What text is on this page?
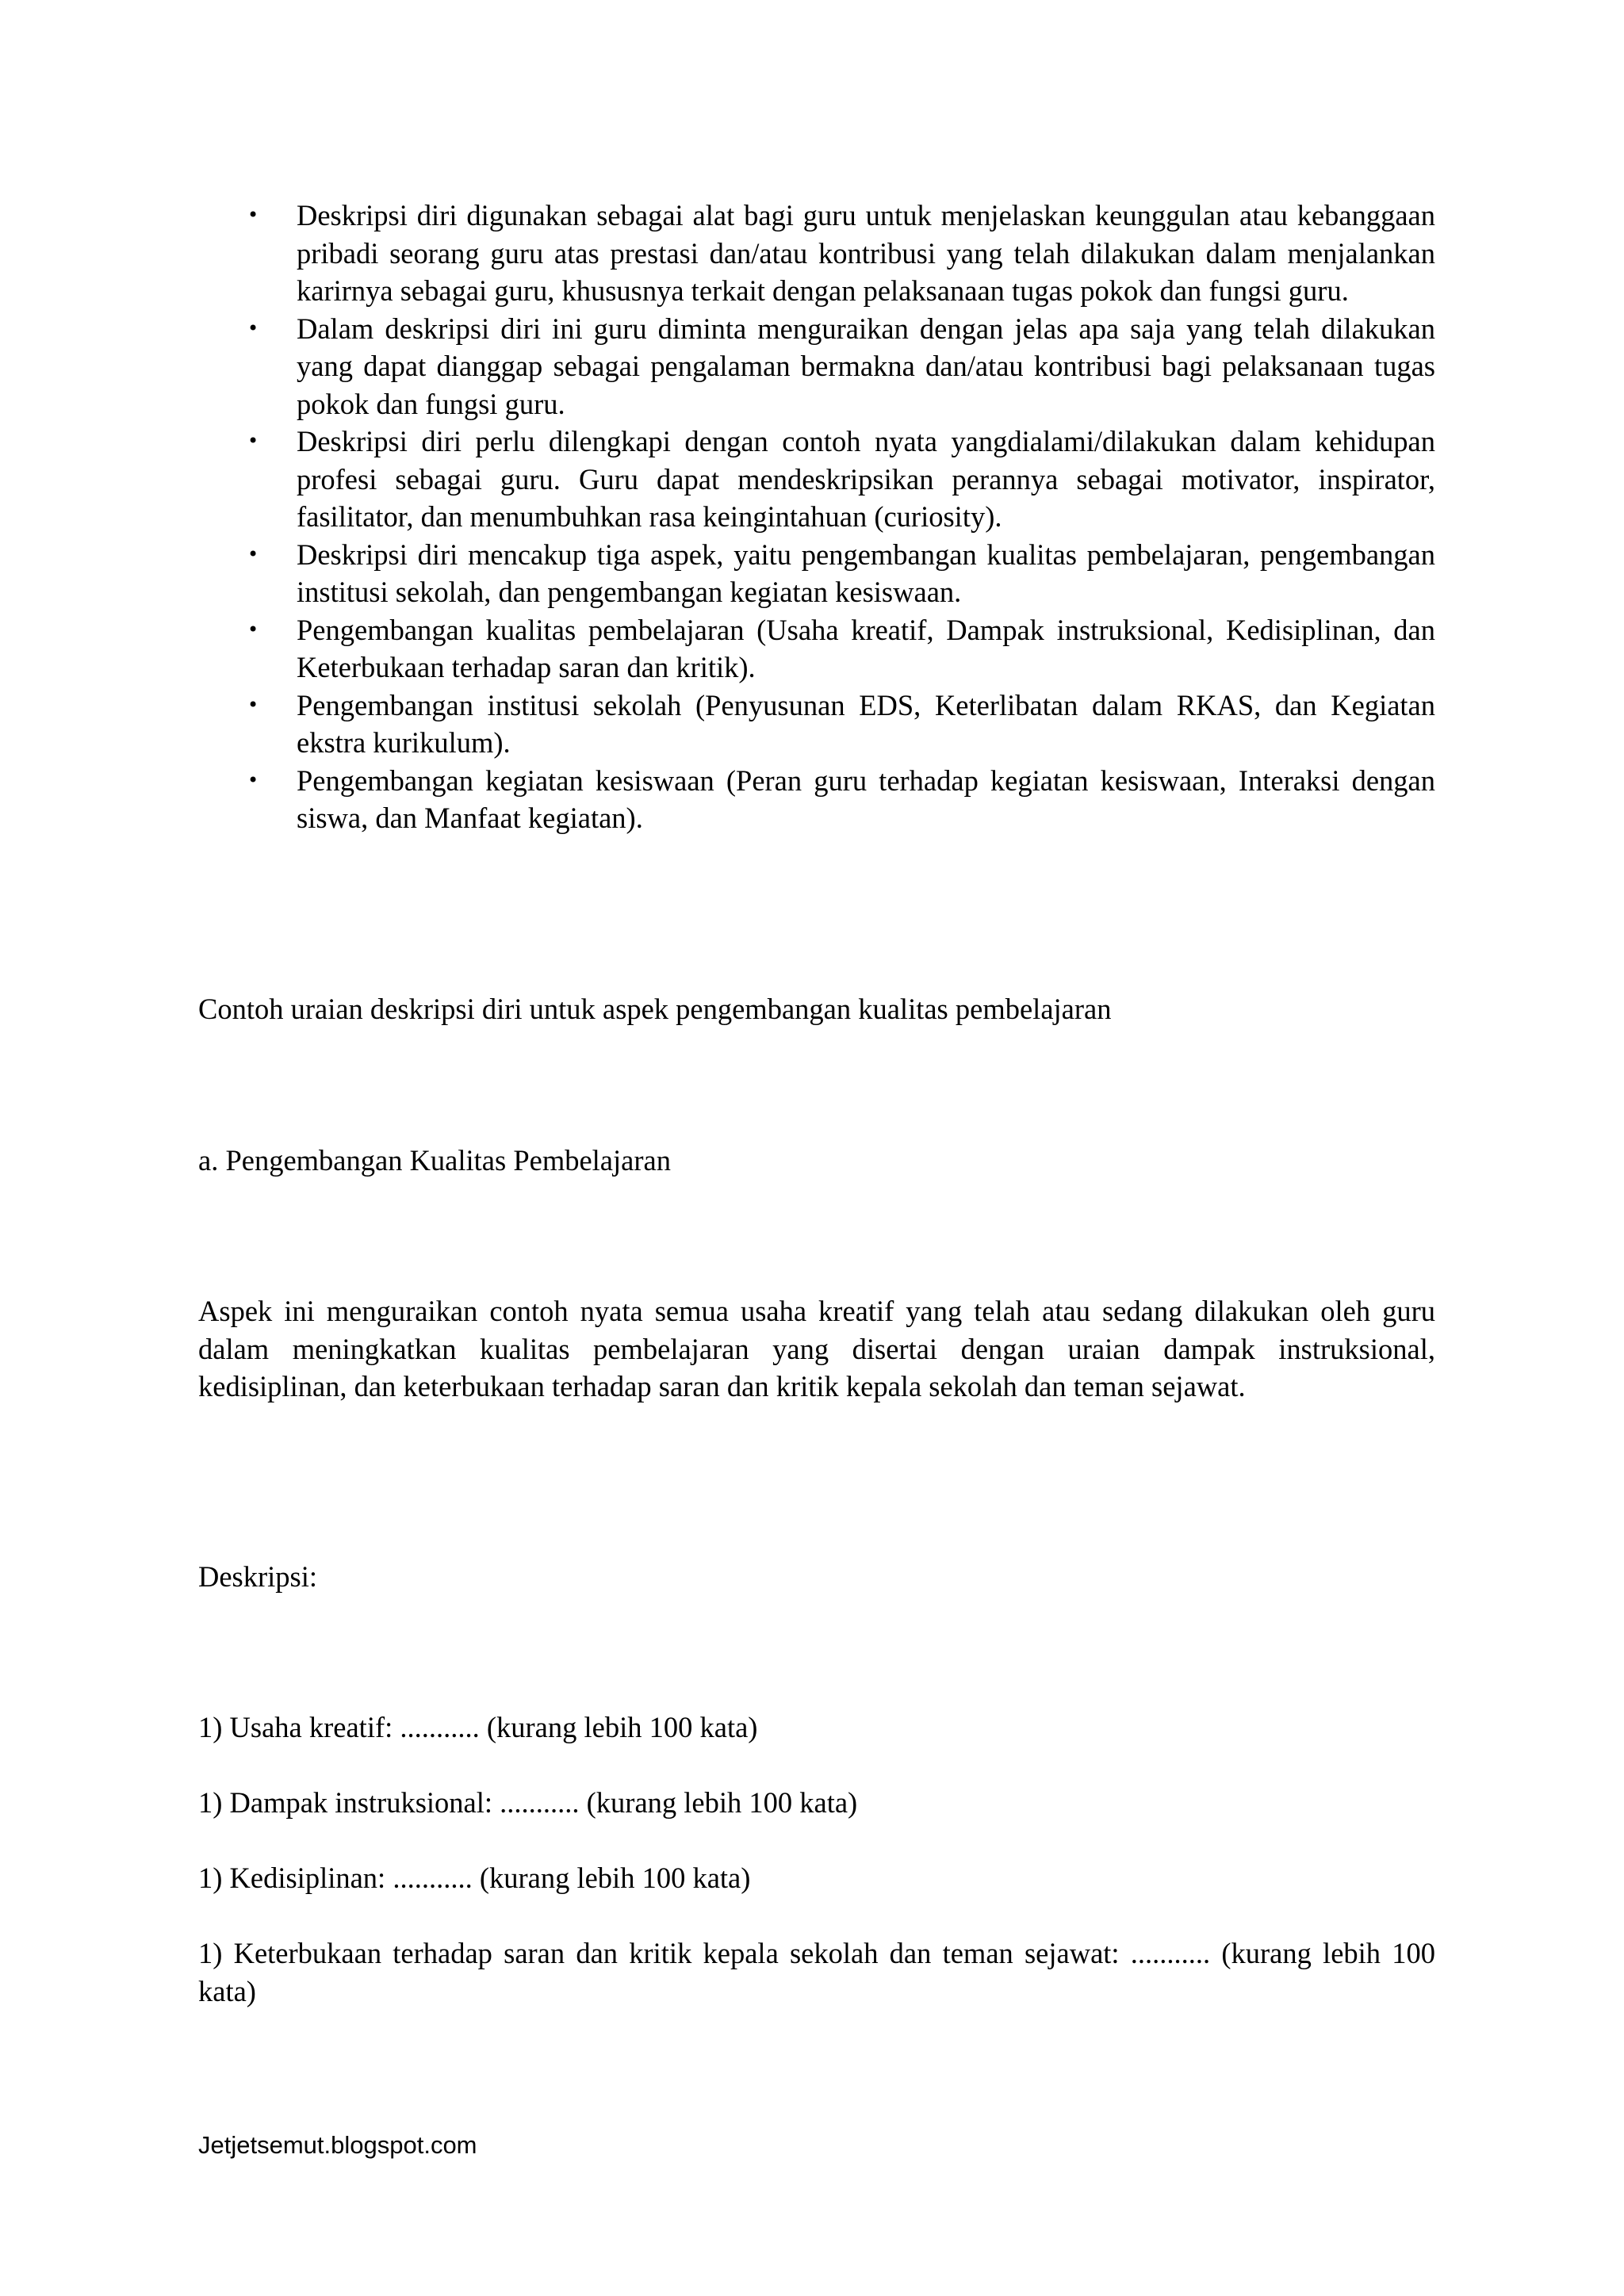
• Deskripsi diri digunakan sebagai alat bagi guru untuk menjelaskan keunggulan atau kebanggaan pribadi seorang guru atas prestasi dan/atau kontribusi yang telah dilakukan dalam menjalankan karirnya sebagai guru, khususnya terkait dengan pelaksanaan tugas pokok dan fungsi guru.
• Dalam deskripsi diri ini guru diminta menguraikan dengan jelas apa saja yang telah dilakukan yang dapat dianggap sebagai pengalaman bermakna dan/atau kontribusi bagi pelaksanaan tugas pokok dan fungsi guru.
• Deskripsi diri perlu dilengkapi dengan contoh nyata yangdialami/dilakukan dalam kehidupan profesi sebagai guru. Guru dapat mendeskripsikan perannya sebagai motivator, inspirator, fasilitator, dan menumbuhkan rasa keingintahuan (curiosity).
• Deskripsi diri mencakup tiga aspek, yaitu pengembangan kualitas pembelajaran, pengembangan institusi sekolah, dan pengembangan kegiatan kesiswaan.
• Pengembangan kualitas pembelajaran (Usaha kreatif, Dampak instruksional, Kedisiplinan, dan Keterbukaan terhadap saran dan kritik).
• Pengembangan institusi sekolah (Penyusunan EDS, Keterlibatan dalam RKAS, dan Kegiatan ekstra kurikulum).
• Pengembangan kegiatan kesiswaan (Peran guru terhadap kegiatan kesiswaan, Interaksi dengan siswa, dan Manfaat kegiatan).

Contoh uraian deskripsi diri untuk aspek pengembangan kualitas pembelajaran

a. Pengembangan Kualitas Pembelajaran

Aspek ini menguraikan contoh nyata semua usaha kreatif yang telah atau sedang dilakukan oleh guru dalam meningkatkan kualitas pembelajaran yang disertai dengan uraian dampak instruksional, kedisiplinan, dan keterbukaan terhadap saran dan kritik kepala sekolah dan teman sejawat.

Deskripsi:

1) Usaha kreatif: ........... (kurang lebih 100 kata)

1) Dampak instruksional: ........... (kurang lebih 100 kata)

1) Kedisiplinan: ........... (kurang lebih 100 kata)

1) Keterbukaan terhadap saran dan kritik kepala sekolah dan teman sejawat: ........... (kurang lebih 100 kata)

Jetjetsemut.blogspot.com
